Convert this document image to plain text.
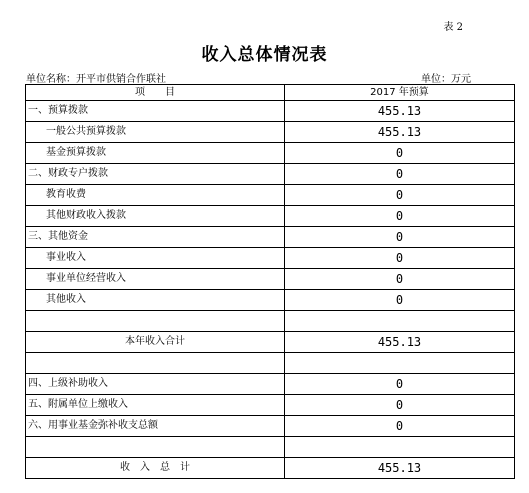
表 2
收入总体情况表
单位名称：开平市供销合作联社	单位：万元
项　　目	2017 年预算
一、预算拨款	455.13
一般公共预算拨款	455.13
基金预算拨款	0
二、财政专户拨款	0
教育收费	0
其他财政收入拨款	0
三、其他资金	0
事业收入	0
事业单位经营收入	0
其他收入	0

本年收入合计	455.13

四、上级补助收入	0
五、附属单位上缴收入	0
六、用事业基金弥补收支总额	0

收　入　总　计	455.13
